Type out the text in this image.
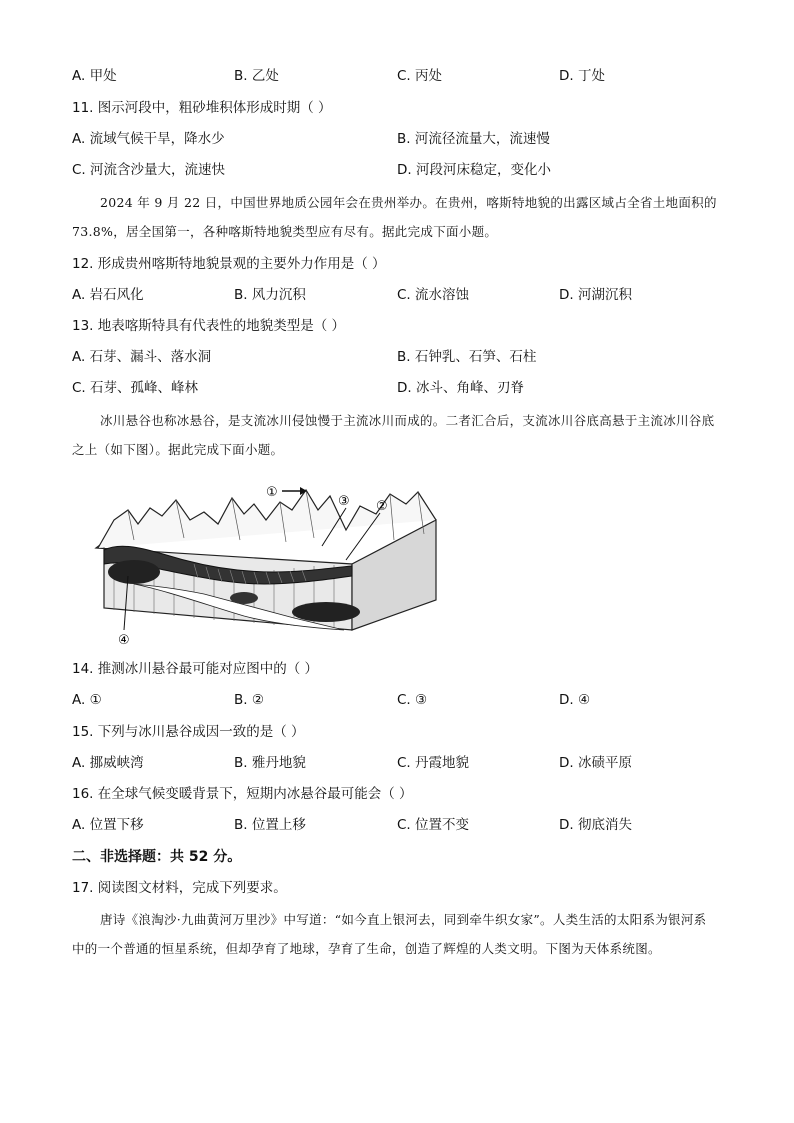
A. 甲处	B. 乙处	C. 丙处	D. 丁处
11. 图示河段中，粗砂堆积体形成时期（ ）
A. 流域气候干旱，降水少	B. 河流径流量大，流速慢
C. 河流含沙量大，流速快	D. 河段河床稳定，变化小
2024 年 9 月 22 日，中国世界地质公园年会在贵州举办。在贵州，喀斯特地貌的出露区域占全省土地面积的 73.8%，居全国第一，各种喀斯特地貌类型应有尽有。据此完成下面小题。
12. 形成贵州喀斯特地貌景观的主要外力作用是（ ）
A. 岩石风化	B. 风力沉积	C. 流水溶蚀	D. 河湖沉积
13. 地表喀斯特具有代表性的地貌类型是（ ）
A. 石芽、漏斗、落水洞	B. 石钟乳、石笋、石柱
C. 石芽、孤峰、峰林	D. 冰斗、角峰、刃脊
冰川悬谷也称冰悬谷，是支流冰川侵蚀慢于主流冰川而成的。二者汇合后，支流冰川谷底高悬于主流冰川谷底之上（如下图）。据此完成下面小题。
①
③ ②
④
14. 推测冰川悬谷最可能对应图中的（ ）
A. ①	B. ②	C. ③	D. ④
15. 下列与冰川悬谷成因一致的是（ ）
A. 挪威峡湾	B. 雅丹地貌	C. 丹霞地貌	D. 冰碛平原
16. 在全球气候变暖背景下，短期内冰悬谷最可能会（ ）
A. 位置下移	B. 位置上移	C. 位置不变	D. 彻底消失
二、非选择题：共 52 分。
17. 阅读图文材料，完成下列要求。
唐诗《浪淘沙·九曲黄河万里沙》中写道：“如今直上银河去，同到牵牛织女家”。人类生活的太阳系为银河系中的一个普通的恒星系统，但却孕育了地球，孕育了生命，创造了辉煌的人类文明。下图为天体系统图。
